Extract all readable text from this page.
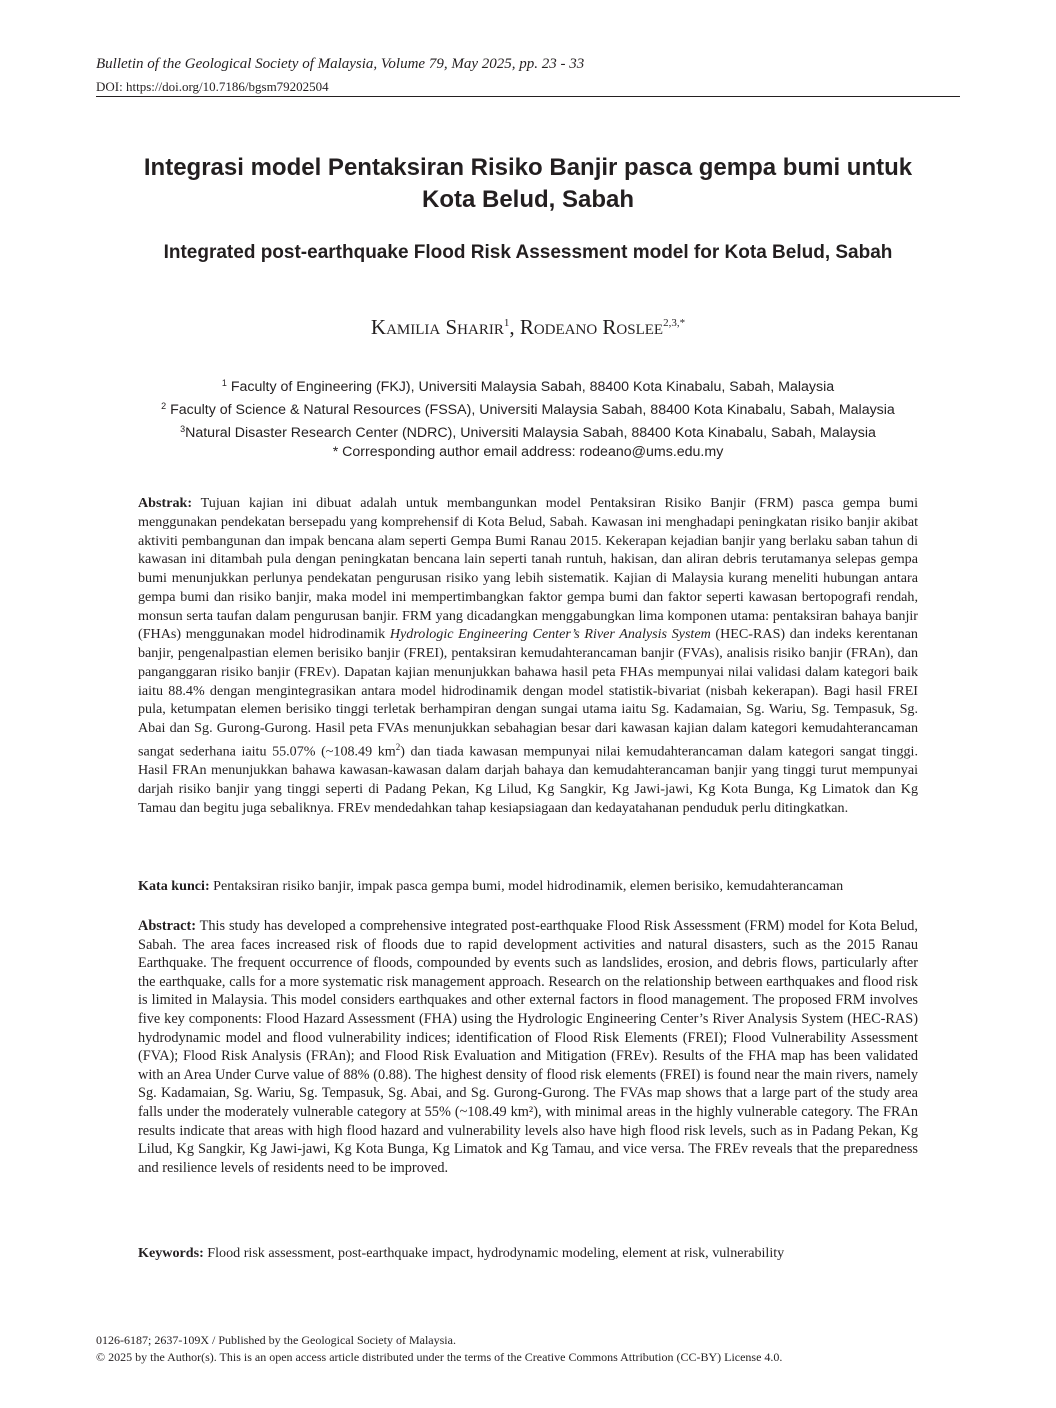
Bulletin of the Geological Society of Malaysia, Volume 79, May 2025, pp. 23 - 33
DOI: https://doi.org/10.7186/bgsm79202504
Integrasi model Pentaksiran Risiko Banjir pasca gempa bumi untuk
Kota Belud, Sabah
Integrated post-earthquake Flood Risk Assessment model for Kota Belud, Sabah
Kamilia Sharir$^1$, Rodeano Roslee$^{2,3,*}$
$^1$ Faculty of Engineering (FKJ), Universiti Malaysia Sabah, 88400 Kota Kinabalu, Sabah, Malaysia
$^2$ Faculty of Science & Natural Resources (FSSA), Universiti Malaysia Sabah, 88400 Kota Kinabalu, Sabah, Malaysia
$^3$Natural Disaster Research Center (NDRC), Universiti Malaysia Sabah, 88400 Kota Kinabalu, Sabah, Malaysia
* Corresponding author email address: rodeano@ums.edu.my
Abstrak: Tujuan kajian ini dibuat adalah untuk membangunkan model Pentaksiran Risiko Banjir (FRM) pasca gempa bumi menggunakan pendekatan bersepadu yang komprehensif di Kota Belud, Sabah. Kawasan ini menghadapi peningkatan risiko banjir akibat aktiviti pembangunan dan impak bencana alam seperti Gempa Bumi Ranau 2015. Kekerapan kejadian banjir yang berlaku saban tahun di kawasan ini ditambah pula dengan peningkatan bencana lain seperti tanah runtuh, hakisan, dan aliran debris terutamanya selepas gempa bumi menunjukkan perlunya pendekatan pengurusan risiko yang lebih sistematik. Kajian di Malaysia kurang meneliti hubungan antara gempa bumi dan risiko banjir, maka model ini mempertimbangkan faktor gempa bumi dan faktor seperti kawasan bertopografi rendah, monsun serta taufan dalam pengurusan banjir. FRM yang dicadangkan menggabungkan lima komponen utama: pentaksiran bahaya banjir (FHAs) menggunakan model hidrodinamik Hydrologic Engineering Center’s River Analysis System (HEC-RAS) dan indeks kerentanan banjir, pengenalpastian elemen berisiko banjir (FREI), pentaksiran kemudahterancaman banjir (FVAs), analisis risiko banjir (FRAn), dan panganggaran risiko banjir (FREv). Dapatan kajian menunjukkan bahawa hasil peta FHAs mempunyai nilai validasi dalam kategori baik iaitu 88.4% dengan mengintegrasikan antara model hidrodinamik dengan model statistik-bivariat (nisbah kekerapan). Bagi hasil FREI pula, ketumpatan elemen berisiko tinggi terletak berhampiran dengan sungai utama iaitu Sg. Kadamaian, Sg. Wariu, Sg. Tempasuk, Sg. Abai dan Sg. Gurong-Gurong. Hasil peta FVAs menunjukkan sebahagian besar dari kawasan kajian dalam kategori kemudahterancaman sangat sederhana iaitu 55.07% (~108.49 $km^2$) dan tiada kawasan mempunyai nilai kemudahterancaman dalam kategori sangat tinggi. Hasil FRAn menunjukkan bahawa kawasan-kawasan dalam darjah bahaya dan kemudahterancaman banjir yang tinggi turut mempunyai darjah risiko banjir yang tinggi seperti di Padang Pekan, Kg Lilud, Kg Sangkir, Kg Jawi-jawi, Kg Kota Bunga, Kg Limatok dan Kg Tamau dan begitu juga sebaliknya. FREv mendedahkan tahap kesiapsiagaan dan kedayatahanan penduduk perlu ditingkatkan.
Kata kunci: Pentaksiran risiko banjir, impak pasca gempa bumi, model hidrodinamik, elemen berisiko, kemudahterancaman
Abstract: This study has developed a comprehensive integrated post-earthquake Flood Risk Assessment (FRM) model for Kota Belud, Sabah. The area faces increased risk of floods due to rapid development activities and natural disasters, such as the 2015 Ranau Earthquake. The frequent occurrence of floods, compounded by events such as landslides, erosion, and debris flows, particularly after the earthquake, calls for a more systematic risk management approach. Research on the relationship between earthquakes and flood risk is limited in Malaysia. This model considers earthquakes and other external factors in flood management. The proposed FRM involves five key components: Flood Hazard Assessment (FHA) using the Hydrologic Engineering Center’s River Analysis System (HEC-RAS) hydrodynamic model and flood vulnerability indices; identification of Flood Risk Elements (FREI); Flood Vulnerability Assessment (FVA); Flood Risk Analysis (FRAn); and Flood Risk Evaluation and Mitigation (FREv). Results of the FHA map has been validated with an Area Under Curve value of 88% (0.88). The highest density of flood risk elements (FREI) is found near the main rivers, namely Sg. Kadamaian, Sg. Wariu, Sg. Tempasuk, Sg. Abai, and Sg. Gurong-Gurong. The FVAs map shows that a large part of the study area falls under the moderately vulnerable category at 55% (~108.49 km²), with minimal areas in the highly vulnerable category. The FRAn results indicate that areas with high flood hazard and vulnerability levels also have high flood risk levels, such as in Padang Pekan, Kg Lilud, Kg Sangkir, Kg Jawi-jawi, Kg Kota Bunga, Kg Limatok and Kg Tamau, and vice versa. The FREv reveals that the preparedness and resilience levels of residents need to be improved.
Keywords: Flood risk assessment, post-earthquake impact, hydrodynamic modeling, element at risk, vulnerability
0126-6187; 2637-109X / Published by the Geological Society of Malaysia.
© 2025 by the Author(s). This is an open access article distributed under the terms of the Creative Commons Attribution (CC-BY) License 4.0.
